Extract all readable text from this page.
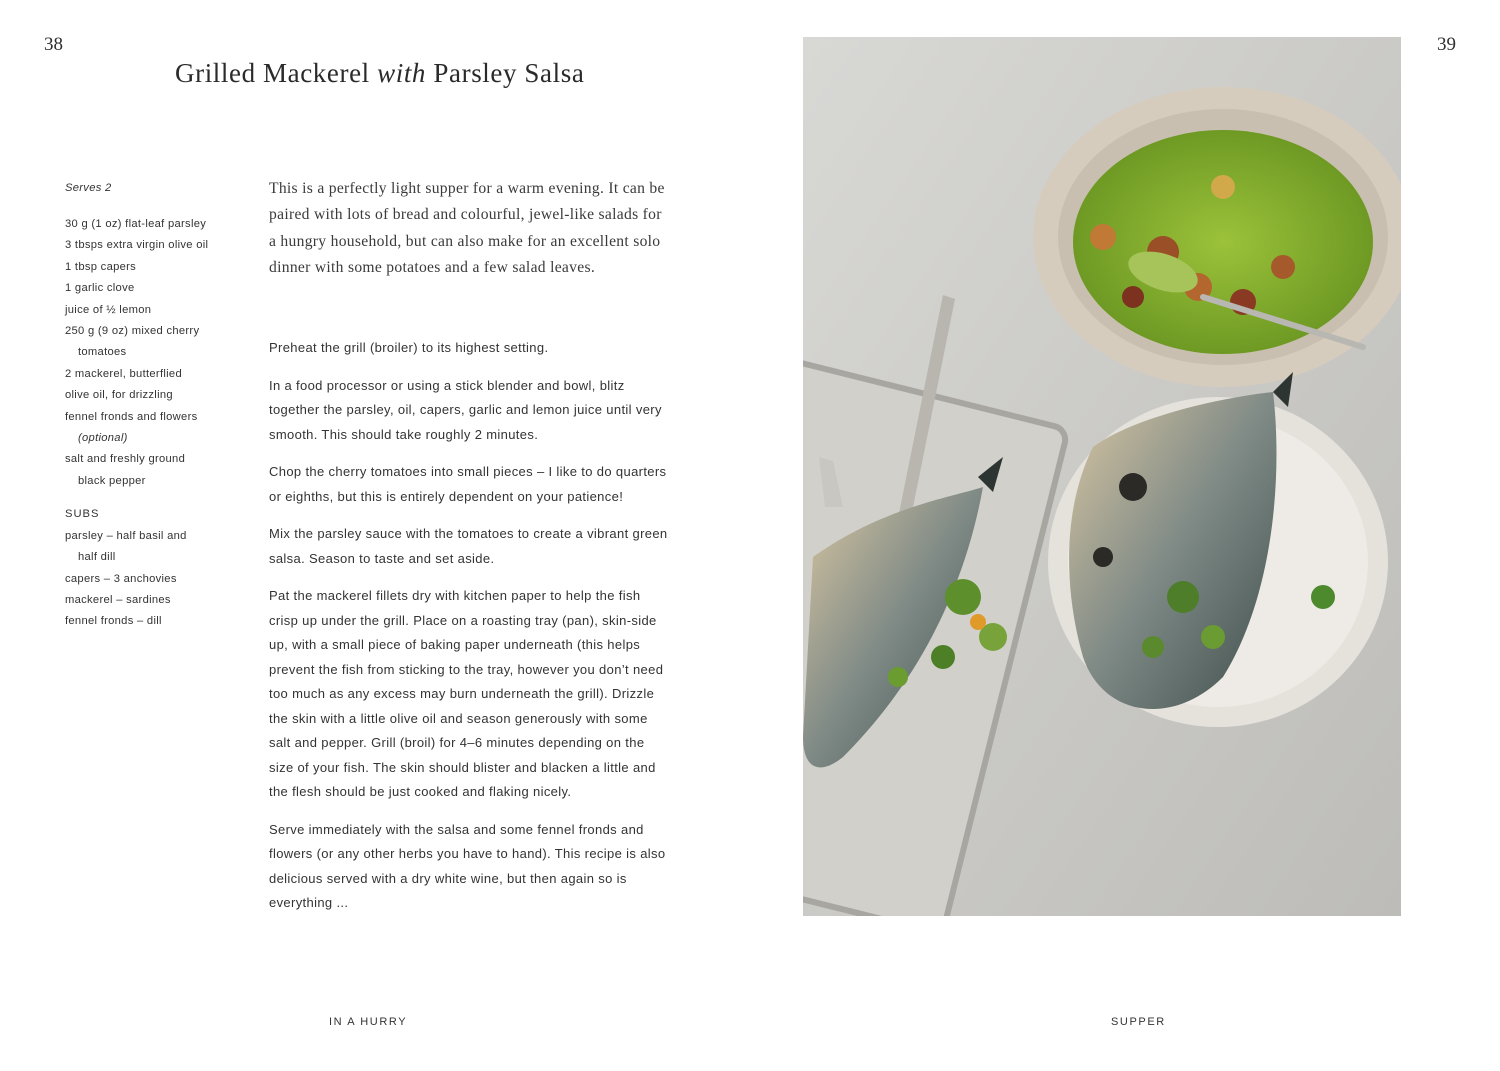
38	39
Grilled Mackerel with Parsley Salsa
Serves 2
30 g (1 oz) flat-leaf parsley
3 tbsps extra virgin olive oil
1 tbsp capers
1 garlic clove
juice of ½ lemon
250 g (9 oz) mixed cherry
tomatoes
2 mackerel, butterflied
olive oil, for drizzling
fennel fronds and flowers
(optional)
salt and freshly ground
black pepper
SUBS
parsley – half basil and
half dill
capers – 3 anchovies
mackerel – sardines
fennel fronds – dill
This is a perfectly light supper for a warm evening. It can be paired with lots of bread and colourful, jewel-like salads for a hungry household, but can also make for an excellent solo dinner with some potatoes and a few salad leaves.

Preheat the grill (broiler) to its highest setting.

In a food processor or using a stick blender and bowl, blitz together the parsley, oil, capers, garlic and lemon juice until very smooth. This should take roughly 2 minutes.

Chop the cherry tomatoes into small pieces – I like to do quarters or eighths, but this is entirely dependent on your patience!

Mix the parsley sauce with the tomatoes to create a vibrant green salsa. Season to taste and set aside.

Pat the mackerel fillets dry with kitchen paper to help the fish crisp up under the grill. Place on a roasting tray (pan), skin-side up, with a small piece of baking paper underneath (this helps prevent the fish from sticking to the tray, however you don’t need too much as any excess may burn underneath the grill). Drizzle the skin with a little olive oil and season generously with some salt and pepper. Grill (broil) for 4–6 minutes depending on the size of your fish. The skin should blister and blacken a little and the flesh should be just cooked and flaking nicely.

Serve immediately with the salsa and some fennel fronds and flowers (or any other herbs you have to hand). This recipe is also delicious served with a dry white wine, but then again so is everything ...

IN A HURRY	SUPPER
